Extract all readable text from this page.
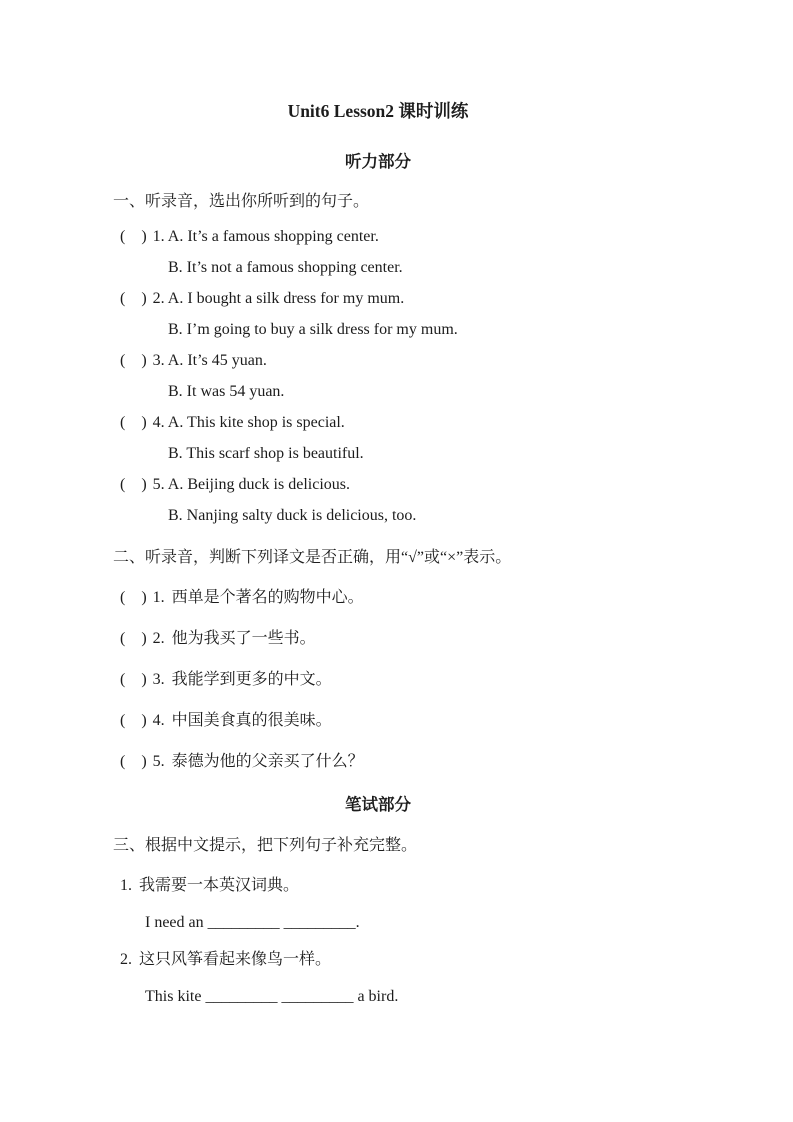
Unit6 Lesson2 课时训练
听力部分
一、听录音，选出你所听到的句子。
(    ) 1. A. It’s a famous shopping center.
B. It’s not a famous shopping center.
(    ) 2. A. I bought a silk dress for my mum.
B. I’m going to buy a silk dress for my mum.
(    ) 3. A. It’s 45 yuan.
B. It was 54 yuan.
(    ) 4. A. This kite shop is special.
B. This scarf shop is beautiful.
(    ) 5. A. Beijing duck is delicious.
B. Nanjing salty duck is delicious, too.
二、听录音，判断下列译文是否正确，用“√”或“×”表示。
(    ) 1. 西单是个著名的购物中心。
(    ) 2. 他为我买了一些书。
(    ) 3. 我能学到更多的中文。
(    ) 4. 中国美食真的很美味。
(    ) 5. 泰德为他的父亲买了什么？
笔试部分
三、根据中文提示，把下列句子补充完整。
1. 我需要一本英汉词典。
I need an _________ _________.
2. 这只风筝看起来像鸟一样。
This kite _________ _________ a bird.
